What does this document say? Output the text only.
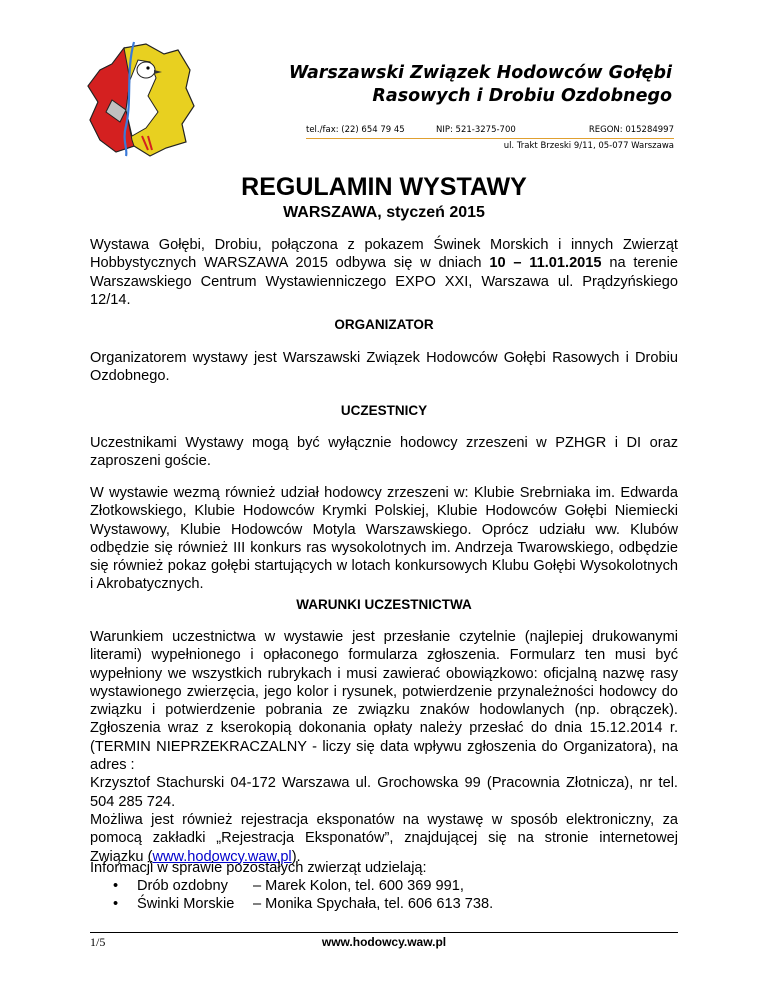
Warszawski Związek Hodowców Gołębi
Rasowych i Drobiu Ozdobnego
tel./fax: (22) 654 79 45	NIP: 521-3275-700	REGON: 015284997
ul. Trakt Brzeski 9/11, 05-077 Warszawa
REGULAMIN WYSTAWY
WARSZAWA, styczeń 2015
Wystawa Gołębi, Drobiu, połączona z pokazem Świnek Morskich i innych Zwierząt Hobbystycznych WARSZAWA 2015 odbywa się w dniach 10 – 11.01.2015 na terenie Warszawskiego Centrum Wystawienniczego EXPO XXI, Warszawa ul. Prądzyńskiego 12/14.
ORGANIZATOR
Organizatorem wystawy jest Warszawski Związek Hodowców Gołębi Rasowych i Drobiu Ozdobnego.
UCZESTNICY
Uczestnikami Wystawy mogą być wyłącznie hodowcy zrzeszeni w PZHGR i DI oraz zaproszeni goście.
W wystawie wezmą również udział hodowcy zrzeszeni w: Klubie Srebrniaka im. Edwarda Złotkowskiego, Klubie Hodowców Krymki Polskiej, Klubie Hodowców Gołębi Niemiecki Wystawowy, Klubie Hodowców Motyla Warszawskiego. Oprócz udziału ww. Klubów odbędzie się również III konkurs ras wysokolotnych im. Andrzeja Twarowskiego, odbędzie się również pokaz gołębi startujących w lotach konkursowych Klubu Gołębi Wysokolotnych i Akrobatycznych.
WARUNKI UCZESTNICTWA
Warunkiem uczestnictwa w wystawie jest przesłanie czytelnie (najlepiej drukowanymi literami) wypełnionego i opłaconego formularza zgłoszenia. Formularz ten musi być wypełniony we wszystkich rubrykach i musi zawierać obowiązkowo: oficjalną nazwę rasy wystawionego zwierzęcia, jego kolor i rysunek, potwierdzenie przynależności hodowcy do związku i potwierdzenie pobrania ze związku znaków hodowlanych (np. obrączek). Zgłoszenia wraz z kserokopią dokonania opłaty należy przesłać do dnia 15.12.2014 r. (TERMIN NIEPRZEKRACZALNY - liczy się data wpływu zgłoszenia do Organizatora), na adres :
Krzysztof Stachurski 04-172 Warszawa ul. Grochowska 99 (Pracownia Złotnicza), nr tel. 504 285 724.
Możliwa jest również rejestracja eksponatów na wystawę w sposób elektroniczny, za pomocą zakładki „Rejestracja Eksponatów”, znajdującej się na stronie internetowej Związku (www.hodowcy.waw.pl).
Informacji w sprawie pozostałych zwierząt udzielają:
• Drób ozdobny – Marek Kolon, tel. 600 369 991,
• Świnki Morskie – Monika Spychała, tel. 606 613 738.
1/5	www.hodowcy.waw.pl
